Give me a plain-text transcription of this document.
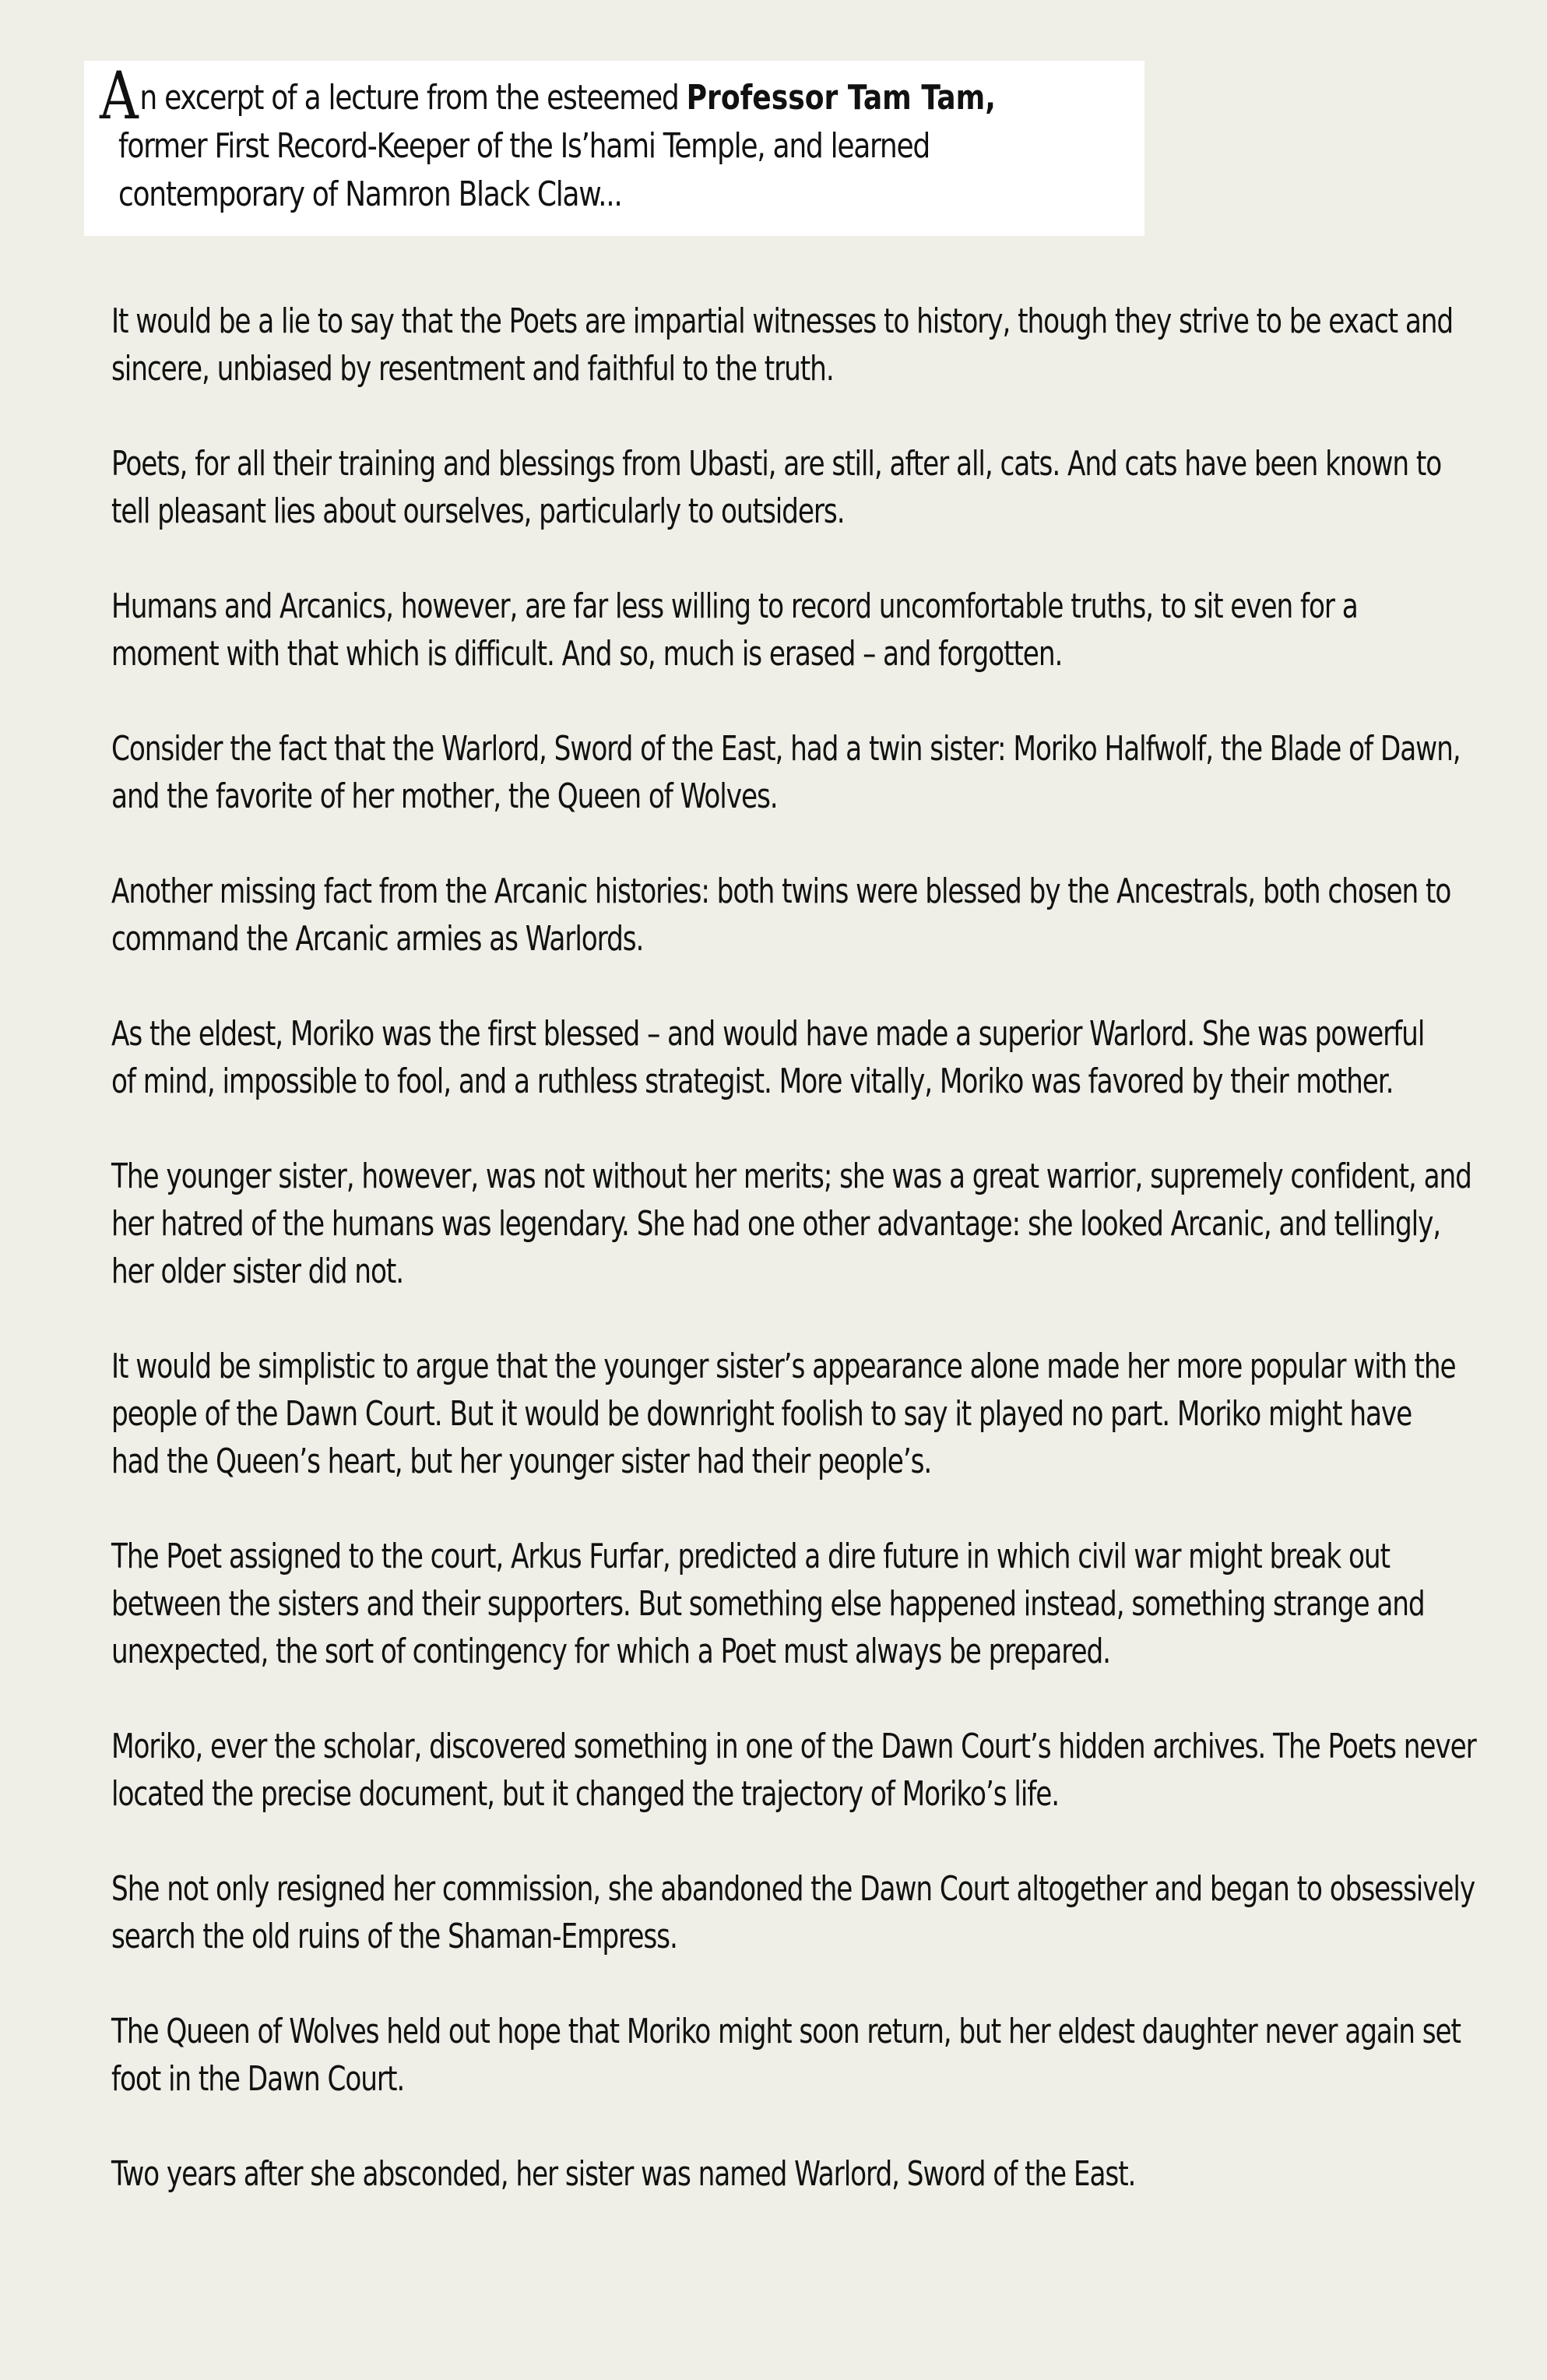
An excerpt of a lecture from the esteemed Professor Tam Tam,
former First Record-Keeper of the Is’hami Temple, and learned
contemporary of Namron Black Claw...
It would be a lie to say that the Poets are impartial witnesses to history, though they strive to be exact and
sincere, unbiased by resentment and faithful to the truth.
Poets, for all their training and blessings from Ubasti, are still, after all, cats. And cats have been known to
tell pleasant lies about ourselves, particularly to outsiders.
Humans and Arcanics, however, are far less willing to record uncomfortable truths, to sit even for a
moment with that which is difficult. And so, much is erased – and forgotten.
Consider the fact that the Warlord, Sword of the East, had a twin sister: Moriko Halfwolf, the Blade of Dawn,
and the favorite of her mother, the Queen of Wolves.
Another missing fact from the Arcanic histories: both twins were blessed by the Ancestrals, both chosen to
command the Arcanic armies as Warlords.
As the eldest, Moriko was the first blessed – and would have made a superior Warlord. She was powerful
of mind, impossible to fool, and a ruthless strategist. More vitally, Moriko was favored by their mother.
The younger sister, however, was not without her merits; she was a great warrior, supremely confident, and
her hatred of the humans was legendary. She had one other advantage: she looked Arcanic, and tellingly,
her older sister did not.
It would be simplistic to argue that the younger sister’s appearance alone made her more popular with the
people of the Dawn Court. But it would be downright foolish to say it played no part. Moriko might have
had the Queen’s heart, but her younger sister had their people’s.
The Poet assigned to the court, Arkus Furfar, predicted a dire future in which civil war might break out
between the sisters and their supporters. But something else happened instead, something strange and
unexpected, the sort of contingency for which a Poet must always be prepared.
Moriko, ever the scholar, discovered something in one of the Dawn Court’s hidden archives. The Poets never
located the precise document, but it changed the trajectory of Moriko’s life.
She not only resigned her commission, she abandoned the Dawn Court altogether and began to obsessively
search the old ruins of the Shaman-Empress.
The Queen of Wolves held out hope that Moriko might soon return, but her eldest daughter never again set
foot in the Dawn Court.
Two years after she absconded, her sister was named Warlord, Sword of the East.
